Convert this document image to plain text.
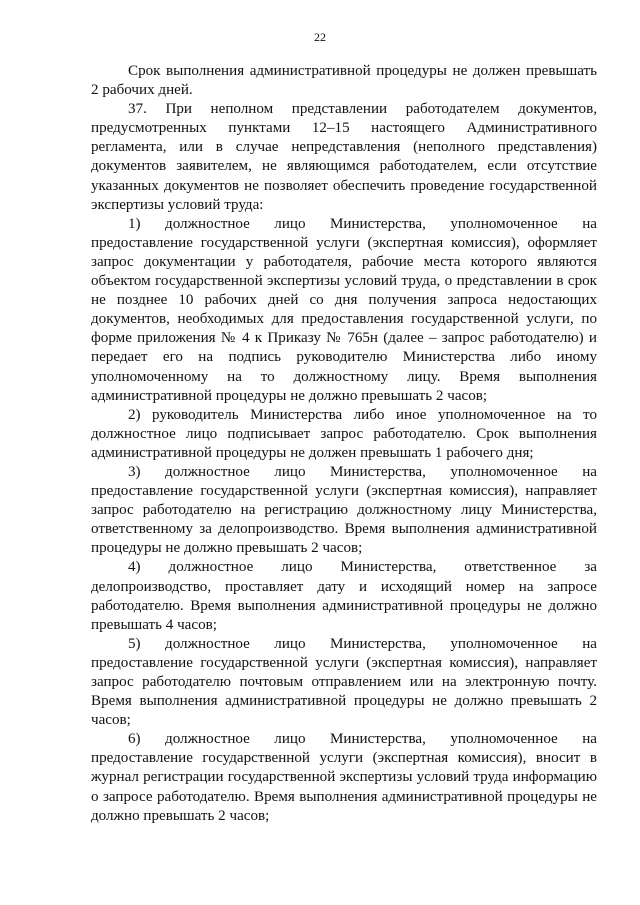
22

Срок выполнения административной процедуры не должен превышать 2 рабочих дней.

37. При неполном представлении работодателем документов, предусмотренных пунктами 12–15 настоящего Административного регламента, или в случае непредставления (неполного представления) документов заявителем, не являющимся работодателем, если отсутствие указанных документов не позволяет обеспечить проведение государственной экспертизы условий труда:

1) должностное лицо Министерства, уполномоченное на предоставление государственной услуги (экспертная комиссия), оформляет запрос документации у работодателя, рабочие места которого являются объектом государственной экспертизы условий труда, о представлении в срок не позднее 10 рабочих дней со дня получения запроса недостающих документов, необходимых для предоставления государственной услуги, по форме приложения № 4 к Приказу № 765н (далее – запрос работодателю) и передает его на подпись руководителю Министерства либо иному уполномоченному на то должностному лицу. Время выполнения административной процедуры не должно превышать 2 часов;

2) руководитель Министерства либо иное уполномоченное на то должностное лицо подписывает запрос работодателю. Срок выполнения административной процедуры не должен превышать 1 рабочего дня;

3) должностное лицо Министерства, уполномоченное на предоставление государственной услуги (экспертная комиссия), направляет запрос работодателю на регистрацию должностному лицу Министерства, ответственному за делопроизводство. Время выполнения административной процедуры не должно превышать 2 часов;

4) должностное лицо Министерства, ответственное за делопроизводство, проставляет дату и исходящий номер на запросе работодателю. Время выполнения административной процедуры не должно превышать 4 часов;

5) должностное лицо Министерства, уполномоченное на предоставление государственной услуги (экспертная комиссия), направляет запрос работодателю почтовым отправлением или на электронную почту. Время выполнения административной процедуры не должно превышать 2 часов;

6) должностное лицо Министерства, уполномоченное на предоставление государственной услуги (экспертная комиссия), вносит в журнал регистрации государственной экспертизы условий труда информацию о запросе работодателю. Время выполнения административной процедуры не должно превышать 2 часов;
